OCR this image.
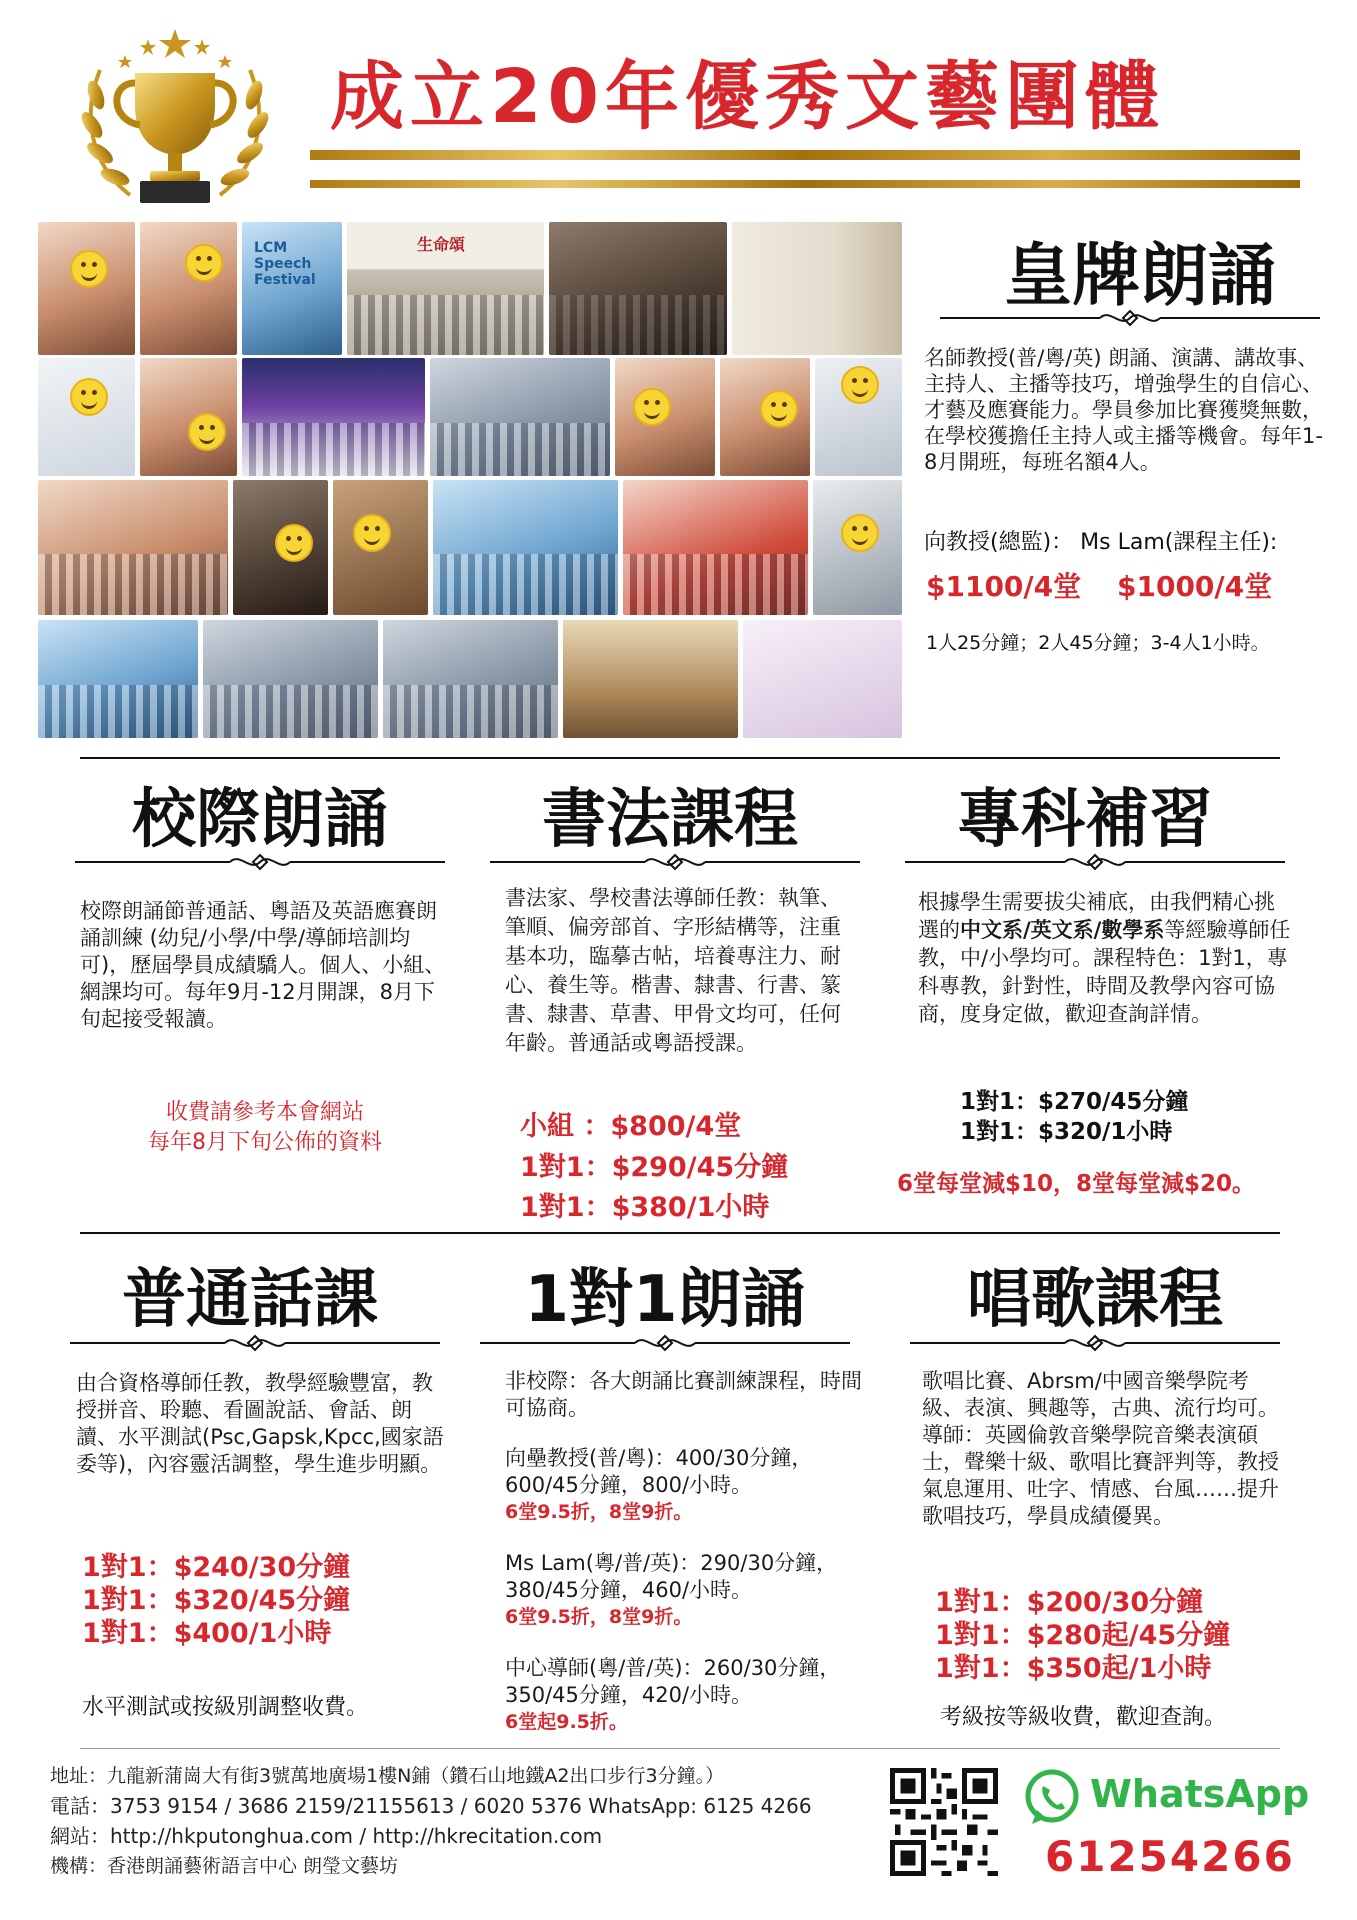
成立20年優秀文藝團體
LCM Speech Festival
生命頌	皇牌朗誦
名師教授(普/粵/英) 朗誦、演講、講故事、主持人、主播等技巧，增強學生的自信心、才藝及應賽能力。學員參加比賽獲獎無數，在學校獲擔任主持人或主播等機會。每年1-8月開班，每班名額4人。
向教授(總監)： Ms Lam(課程主任):
$1100/4堂 $1000/4堂
1人25分鐘；2人45分鐘；3-4人1小時。
校際朗誦
校際朗誦節普通話、粵語及英語應賽朗誦訓練 (幼兒/小學/中學/導師培訓均可)，歷屆學員成績驕人。個人、小組、網課均可。每年9月-12月開課，8月下旬起接受報讀。
收費請參考本會網站
每年8月下旬公佈的資料
書法課程
書法家、學校書法導師任教：執筆、筆順、偏旁部首、字形結構等，注重基本功，臨摹古帖，培養專注力、耐心、養生等。楷書、隸書、行書、篆書、隸書、草書、甲骨文均可，任何年齡。普通話或粵語授課。
小組 ：$800/4堂
1對1：$290/45分鐘
1對1：$380/1小時
專科補習
根據學生需要拔尖補底，由我們精心挑選的中文系/英文系/數學系等經驗導師任教，中/小學均可。課程特色：1對1，專科專教，針對性，時間及教學內容可協商，度身定做，歡迎查詢詳情。
1對1：$270/45分鐘
1對1：$320/1小時
6堂每堂減$10，8堂每堂減$20。
普通話課
由合資格導師任教，教學經驗豐富，教授拼音、聆聽、看圖說話、會話、朗讀、水平測試(Psc,Gapsk,Kpcc,國家語委等)，內容靈活調整，學生進步明顯。
1對1：$240/30分鐘
1對1：$320/45分鐘
1對1：$400/1小時
水平測試或按級別調整收費。
1對1朗誦
非校際：各大朗誦比賽訓練課程，時間可協商。
向壘教授(普/粵)：400/30分鐘，
600/45分鐘，800/小時。
6堂9.5折，8堂9折。
Ms Lam(粵/普/英)：290/30分鐘，
380/45分鐘，460/小時。
6堂9.5折，8堂9折。
中心導師(粵/普/英)：260/30分鐘，
350/45分鐘，420/小時。
6堂起9.5折。
唱歌課程
歌唱比賽、Abrsm/中國音樂學院考級、表演、興趣等，古典、流行均可。導師：英國倫敦音樂學院音樂表演碩士，聲樂十級、歌唱比賽評判等，教授氣息運用、吐字、情感、台風……提升歌唱技巧，學員成績優異。
1對1：$200/30分鐘
1對1：$280起/45分鐘
1對1：$350起/1小時
考級按等級收費，歡迎查詢。
地址：九龍新蒲崗大有街3號萬地廣場1樓N鋪（鑽石山地鐵A2出口步行3分鐘。）
電話：3753 9154 / 3686 2159/21155613 / 6020 5376 WhatsApp: 6125 4266
網站：http://hkputonghua.com / http://hkrecitation.com
機構：香港朗誦藝術語言中心 朗瑩文藝坊
WhatsApp
61254266
